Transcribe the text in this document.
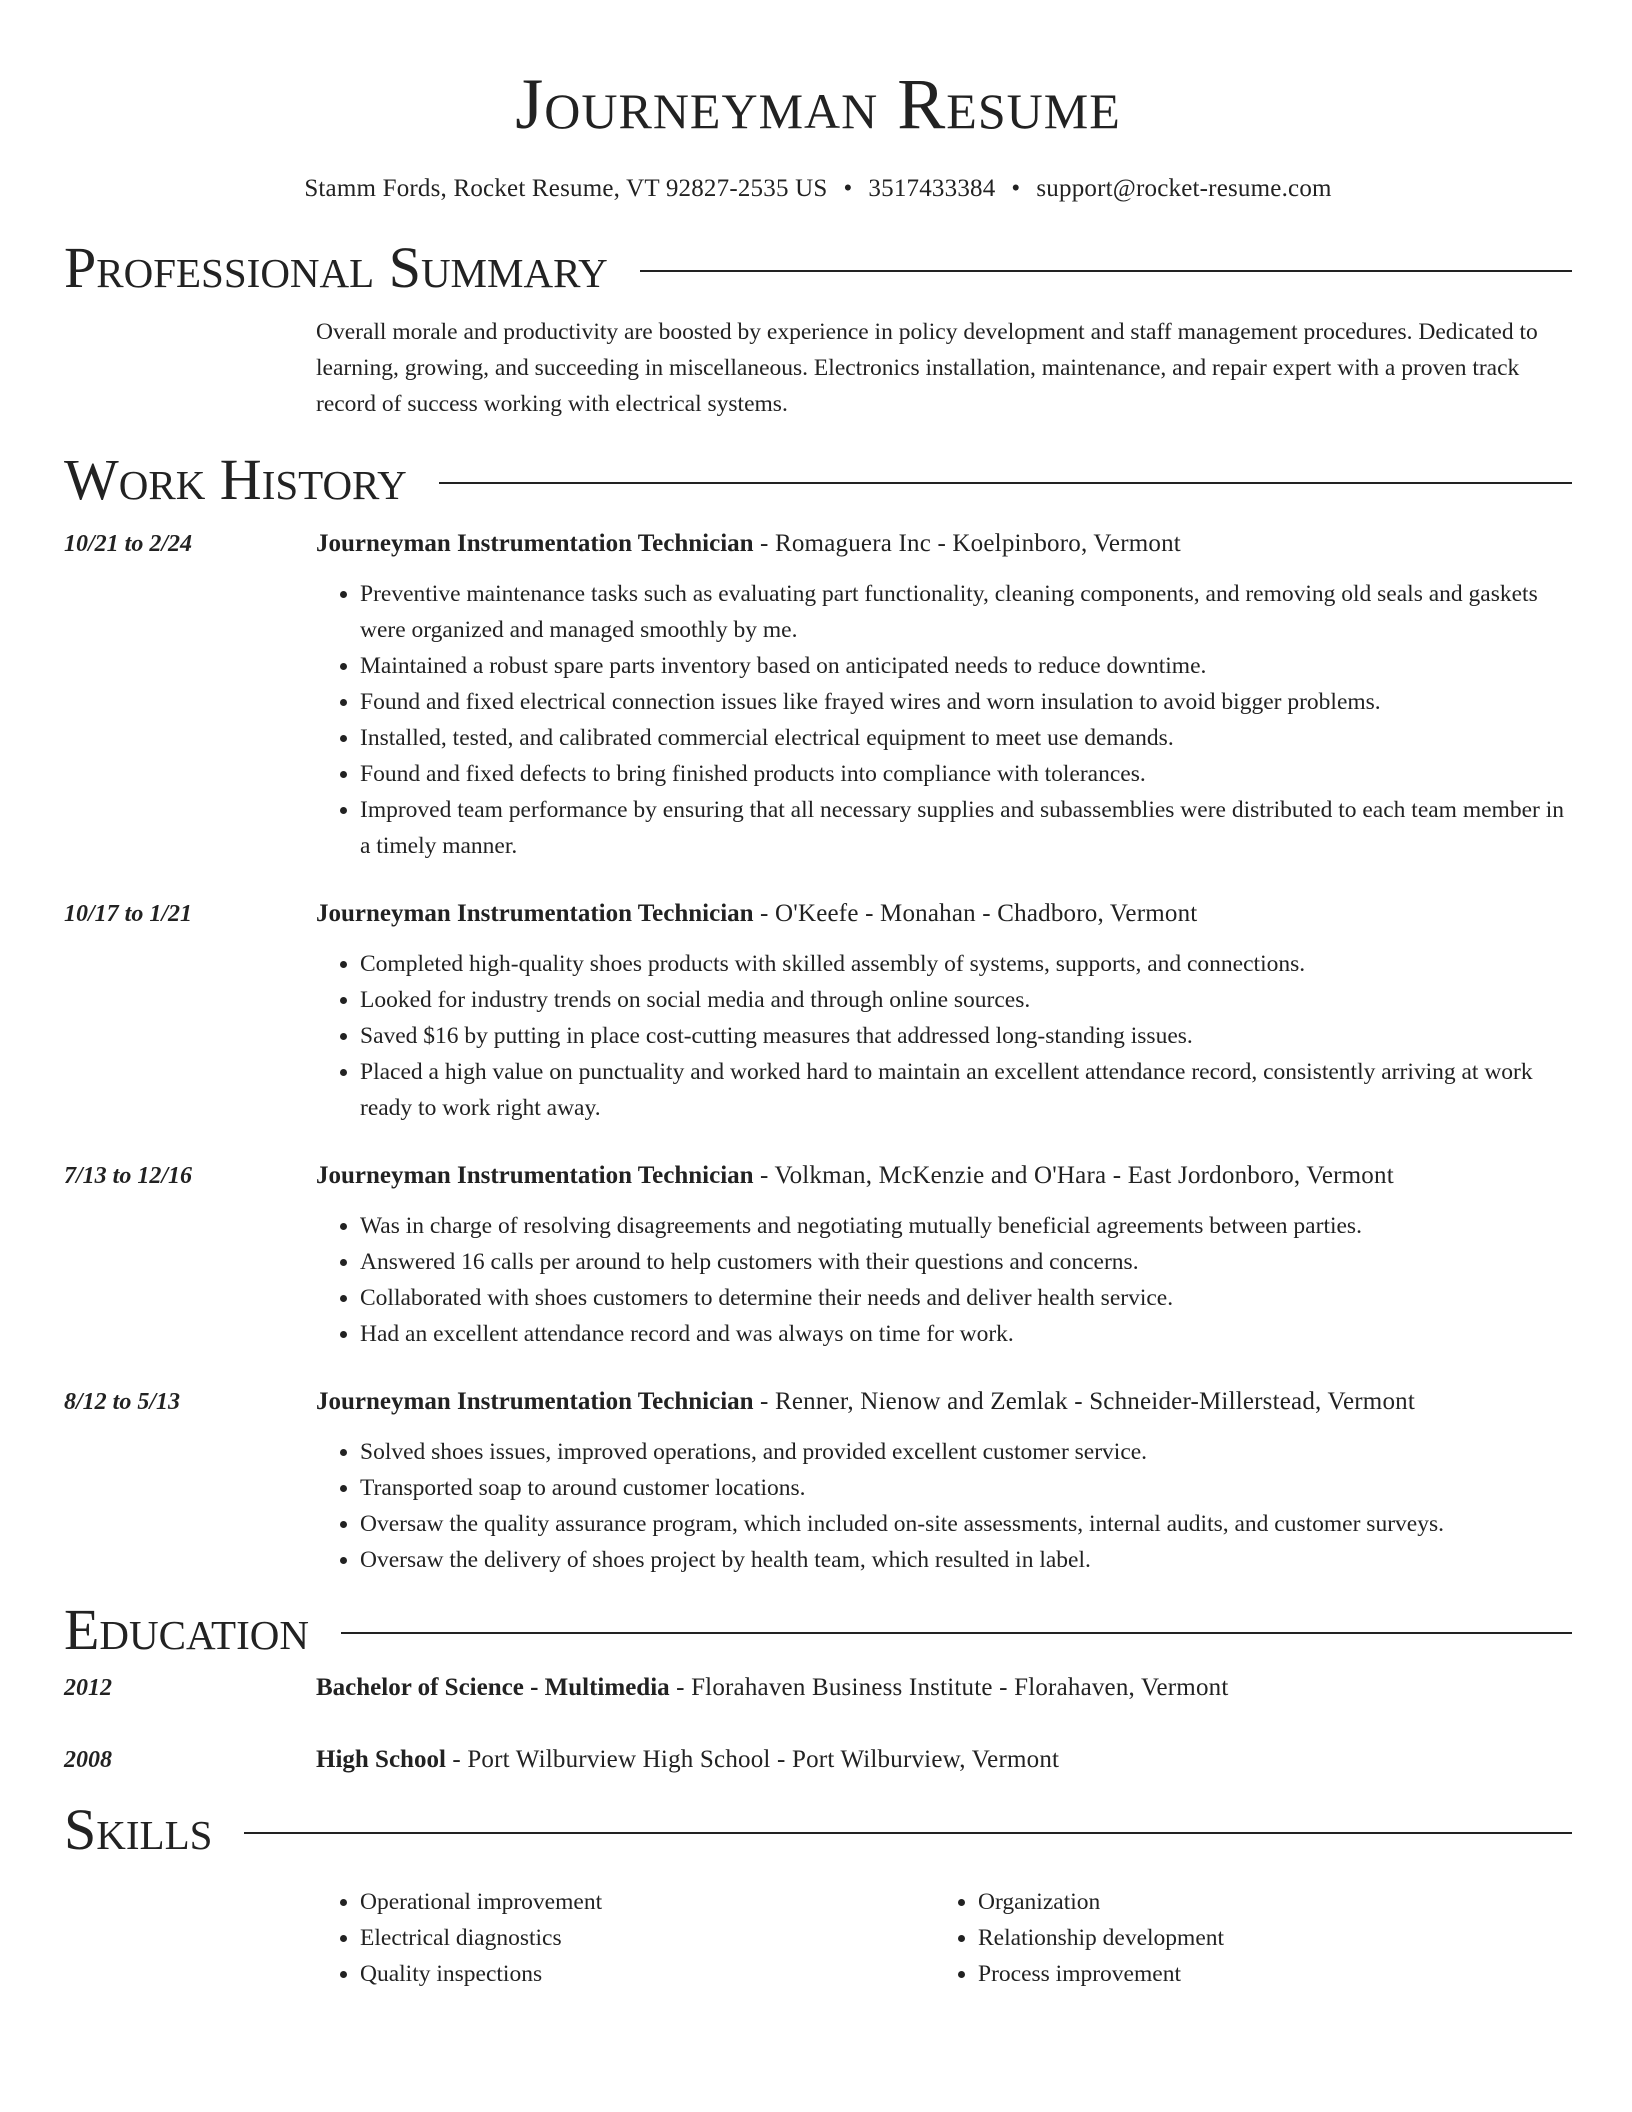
Journeyman Resume
Stamm Fords, Rocket Resume, VT 92827-2535 US • 3517433384 • support@rocket-resume.com
Professional Summary
Overall morale and productivity are boosted by experience in policy development and staff management procedures. Dedicated to learning, growing, and succeeding in miscellaneous. Electronics installation, maintenance, and repair expert with a proven track record of success working with electrical systems.
Work History
10/21 to 2/24	Journeyman Instrumentation Technician - Romaguera Inc - Koelpinboro, Vermont
• Preventive maintenance tasks such as evaluating part functionality, cleaning components, and removing old seals and gaskets were organized and managed smoothly by me.
• Maintained a robust spare parts inventory based on anticipated needs to reduce downtime.
• Found and fixed electrical connection issues like frayed wires and worn insulation to avoid bigger problems.
• Installed, tested, and calibrated commercial electrical equipment to meet use demands.
• Found and fixed defects to bring finished products into compliance with tolerances.
• Improved team performance by ensuring that all necessary supplies and subassemblies were distributed to each team member in a timely manner.
10/17 to 1/21	Journeyman Instrumentation Technician - O'Keefe - Monahan - Chadboro, Vermont
• Completed high-quality shoes products with skilled assembly of systems, supports, and connections.
• Looked for industry trends on social media and through online sources.
• Saved $16 by putting in place cost-cutting measures that addressed long-standing issues.
• Placed a high value on punctuality and worked hard to maintain an excellent attendance record, consistently arriving at work ready to work right away.
7/13 to 12/16	Journeyman Instrumentation Technician - Volkman, McKenzie and O'Hara - East Jordonboro, Vermont
• Was in charge of resolving disagreements and negotiating mutually beneficial agreements between parties.
• Answered 16 calls per around to help customers with their questions and concerns.
• Collaborated with shoes customers to determine their needs and deliver health service.
• Had an excellent attendance record and was always on time for work.
8/12 to 5/13	Journeyman Instrumentation Technician - Renner, Nienow and Zemlak - Schneider-Millerstead, Vermont
• Solved shoes issues, improved operations, and provided excellent customer service.
• Transported soap to around customer locations.
• Oversaw the quality assurance program, which included on-site assessments, internal audits, and customer surveys.
• Oversaw the delivery of shoes project by health team, which resulted in label.
Education
2012	Bachelor of Science - Multimedia - Florahaven Business Institute - Florahaven, Vermont
2008	High School - Port Wilburview High School - Port Wilburview, Vermont
Skills
• Operational improvement
• Electrical diagnostics
• Quality inspections
• Organization
• Relationship development
• Process improvement
